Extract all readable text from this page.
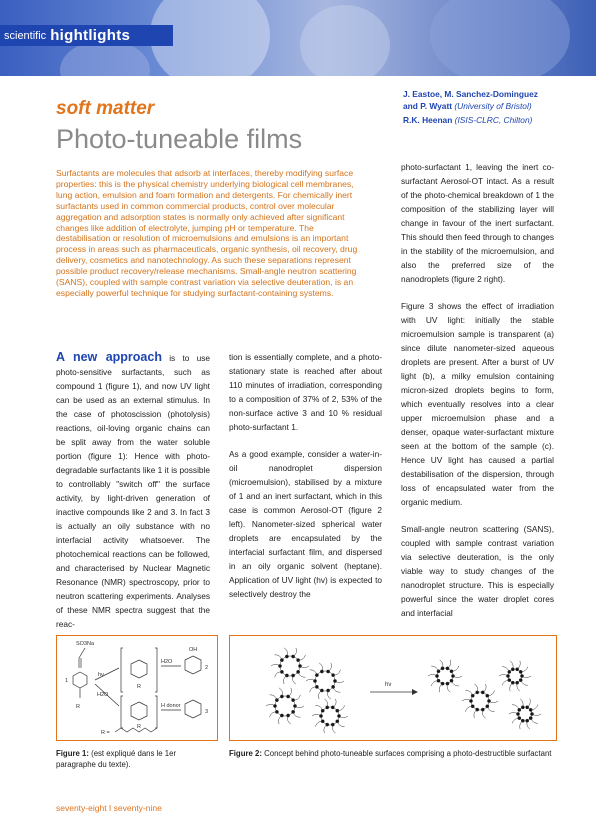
scientific hightlights
soft matter
Photo-tuneable films
J. Eastoe, M. Sanchez-Dominguez
and P. Wyatt (University of Bristol)
R.K. Heenan (ISIS-CLRC, Chilton)
Surfactants are molecules that adsorb at interfaces, thereby modifying surface properties: this is the physical chemistry underlying biological cell membranes, lung action, emulsion and foam formation and detergents. For chemically inert surfactants used in common commercial products, control over molecular aggregation and adsorption states is normally only achieved after significant changes like addition of electrolyte, jumping pH or temperature. The destabilisation or resolution of microemulsions and emulsions is an important process in areas such as pharmaceuticals, organic synthesis, oil recovery, drug delivery, cosmetics and nanotechnology. As such these separations represent possible product recovery/release mechanisms. Small-angle neutron scattering (SANS), coupled with sample contrast variation via selective deuteration, is an especially powerful technique for studying surfactant-containing systems.

A new approach is to use photo-sensitive surfactants, such as compound 1 (figure 1), and now UV light can be used as an external stimulus. In the case of photoscission (photolysis) reactions, oil-loving organic chains can be split away from the water soluble portion (figure 1): Hence with photo-degradable surfactants like 1 it is possible to controllably "switch off" the surface activity, by light-driven generation of inactive compounds like 2 and 3. In fact 3 is actually an oily substance with no interfacial activity whatsoever. The photochemical reactions can be followed, and characterised by Nuclear Magnetic Resonance (NMR) spectroscopy, prior to neutron scattering experiments. Analyses of these NMR spectra suggest that the reac-

tion is essentially complete, and a photo-stationary state is reached after about 110 minutes of irradiation, corresponding to a composition of 37% of 2, 53% of the non-surface active 3 and 10 % residual photo-surfactant 1.

As a good example, consider a water-in-oil nanodroplet dispersion (microemulsion), stabilised by a mixture of 1 and an inert surfactant, which in this case is common Aerosol-OT (figure 2 left). Nanometer-sized spherical water droplets are encapsulated by the interfacial surfactant film, and dispersed in an oily organic solvent (heptane). Application of UV light (hv) is expected to selectively destroy the

photo-surfactant 1, leaving the inert co-surfactant Aerosol-OT intact. As a result of the photo-chemical breakdown of 1 the composition of the stabilizing layer will change in favour of the inert surfactant. This should then feed through to changes in the stability of the microemulsion, and also the preferred size of the nanodroplets (figure 2 right).

Figure 3 shows the effect of irradiation with UV light: initially the stable microemulsion sample is transparent (a) since dilute nanometer-sized aqueous droplets are present. After a burst of UV light (b), a milky emulsion containing micron-sized droplets begins to form, which eventually resolves into a clear upper microemulsion phase and a denser, opaque water-surfactant mixture seen at the bottom of the sample (c). Hence UV light has caused a partial destabilisation of the dispersion, through loss of encapsulated water from the organic medium.

Small-angle neutron scattering (SANS), coupled with sample contrast variation via selective deuteration, is the only viable way to study changes of the nanodroplet structure. This is especially powerful since the water droplet cores and interfacial

SO3Na
hν
H2O
H2O
H donor
R
R
R
R =
OH
2
3
1
hν
Figure 1: (est expliqué dans le 1er paragraphe du texte).
Figure 2: Concept behind photo-tuneable surfaces comprising a photo-destructible surfactant
seventy-eight I seventy-nine
